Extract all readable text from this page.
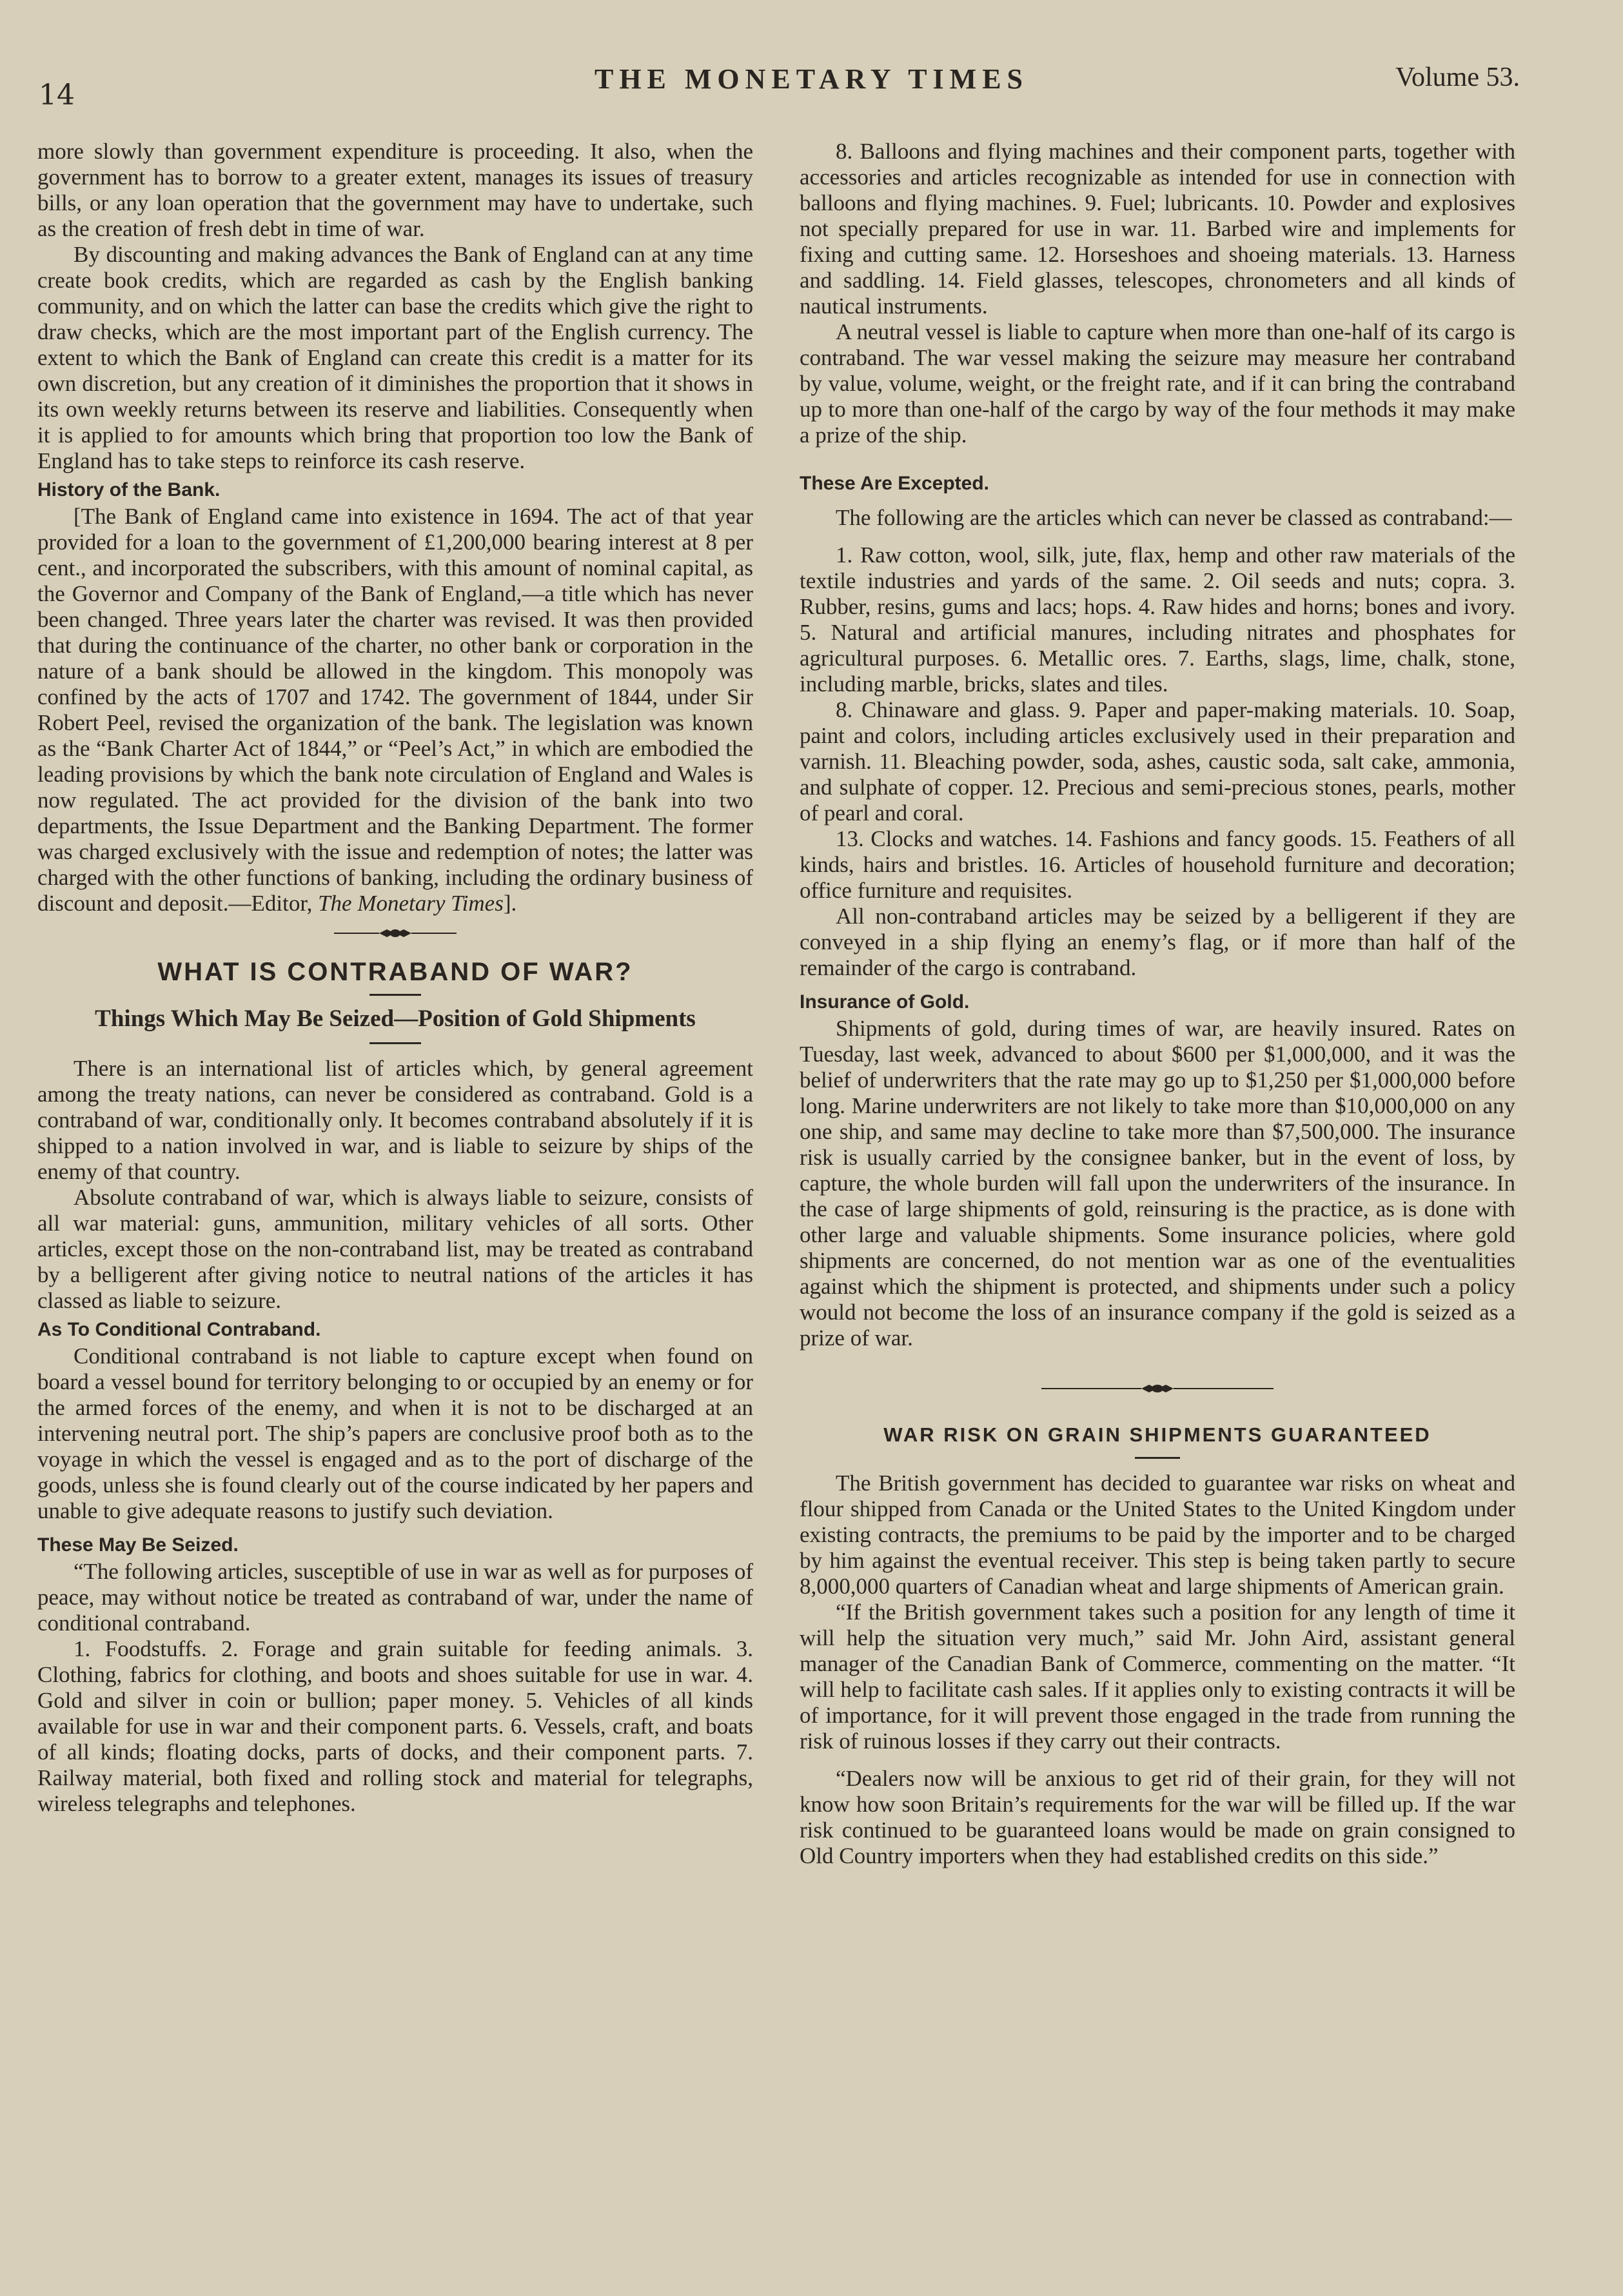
14	THE MONETARY TIMES	Volume 53.

more slowly than government expenditure is proceeding. It also, when the government has to borrow to a greater extent, manages its issues of treasury bills, or any loan operation that the government may have to undertake, such as the creation of fresh debt in time of war.

By discounting and making advances the Bank of England can at any time create book credits, which are regarded as cash by the English banking community, and on which the latter can base the credits which give the right to draw checks, which are the most important part of the English currency. The extent to which the Bank of England can create this credit is a matter for its own discretion, but any creation of it diminishes the proportion that it shows in its own weekly returns between its reserve and liabilities. Consequently when it is applied to for amounts which bring that proportion too low the Bank of England has to take steps to reinforce its cash reserve.

History of the Bank.

[The Bank of England came into existence in 1694. The act of that year provided for a loan to the government of £1,200,000 bearing interest at 8 per cent., and incorporated the subscribers, with this amount of nominal capital, as the Governor and Company of the Bank of England,—a title which has never been changed. Three years later the charter was revised. It was then provided that during the continuance of the charter, no other bank or corporation in the nature of a bank should be allowed in the kingdom. This monopoly was confined by the acts of 1707 and 1742. The government of 1844, under Sir Robert Peel, revised the organization of the bank. The legislation was known as the “Bank Charter Act of 1844,” or “Peel’s Act,” in which are embodied the leading provisions by which the bank note circulation of England and Wales is now regulated. The act provided for the division of the bank into two departments, the Issue Department and the Banking Department. The former was charged exclusively with the issue and redemption of notes; the latter was charged with the other functions of banking, including the ordinary business of discount and deposit.—Editor, The Monetary Times].

WHAT IS CONTRABAND OF WAR?
Things Which May Be Seized—Position of Gold Shipments

There is an international list of articles which, by general agreement among the treaty nations, can never be considered as contraband. Gold is a contraband of war, conditionally only. It becomes contraband absolutely if it is shipped to a nation involved in war, and is liable to seizure by ships of the enemy of that country.

Absolute contraband of war, which is always liable to seizure, consists of all war material: guns, ammunition, military vehicles of all sorts. Other articles, except those on the non-contraband list, may be treated as contraband by a belligerent after giving notice to neutral nations of the articles it has classed as liable to seizure.

As To Conditional Contraband.

Conditional contraband is not liable to capture except when found on board a vessel bound for territory belonging to or occupied by an enemy or for the armed forces of the enemy, and when it is not to be discharged at an intervening neutral port. The ship’s papers are conclusive proof both as to the voyage in which the vessel is engaged and as to the port of discharge of the goods, unless she is found clearly out of the course indicated by her papers and unable to give adequate reasons to justify such deviation.

These May Be Seized.

“The following articles, susceptible of use in war as well as for purposes of peace, may without notice be treated as contraband of war, under the name of conditional contraband.

1. Foodstuffs. 2. Forage and grain suitable for feeding animals. 3. Clothing, fabrics for clothing, and boots and shoes suitable for use in war. 4. Gold and silver in coin or bullion; paper money. 5. Vehicles of all kinds available for use in war and their component parts. 6. Vessels, craft, and boats of all kinds; floating docks, parts of docks, and their component parts. 7. Railway material, both fixed and rolling stock and material for telegraphs, wireless telegraphs and telephones.

8. Balloons and flying machines and their component parts, together with accessories and articles recognizable as intended for use in connection with balloons and flying machines. 9. Fuel; lubricants. 10. Powder and explosives not specially prepared for use in war. 11. Barbed wire and implements for fixing and cutting same. 12. Horseshoes and shoeing materials. 13. Harness and saddling. 14. Field glasses, telescopes, chronometers and all kinds of nautical instruments.

A neutral vessel is liable to capture when more than one-half of its cargo is contraband. The war vessel making the seizure may measure her contraband by value, volume, weight, or the freight rate, and if it can bring the contraband up to more than one-half of the cargo by way of the four methods it may make a prize of the ship.

These Are Excepted.

The following are the articles which can never be classed as contraband:—

1. Raw cotton, wool, silk, jute, flax, hemp and other raw materials of the textile industries and yards of the same. 2. Oil seeds and nuts; copra. 3. Rubber, resins, gums and lacs; hops. 4. Raw hides and horns; bones and ivory. 5. Natural and artificial manures, including nitrates and phosphates for agricultural purposes. 6. Metallic ores. 7. Earths, slags, lime, chalk, stone, including marble, bricks, slates and tiles.

8. Chinaware and glass. 9. Paper and paper-making materials. 10. Soap, paint and colors, including articles exclusively used in their preparation and varnish. 11. Bleaching powder, soda, ashes, caustic soda, salt cake, ammonia, and sulphate of copper. 12. Precious and semi-precious stones, pearls, mother of pearl and coral.

13. Clocks and watches. 14. Fashions and fancy goods. 15. Feathers of all kinds, hairs and bristles. 16. Articles of household furniture and decoration; office furniture and requisites.

All non-contraband articles may be seized by a belligerent if they are conveyed in a ship flying an enemy’s flag, or if more than half of the remainder of the cargo is contraband.

Insurance of Gold.

Shipments of gold, during times of war, are heavily insured. Rates on Tuesday, last week, advanced to about $600 per $1,000,000, and it was the belief of underwriters that the rate may go up to $1,250 per $1,000,000 before long. Marine underwriters are not likely to take more than $10,000,000 on any one ship, and same may decline to take more than $7,500,000. The insurance risk is usually carried by the consignee banker, but in the event of loss, by capture, the whole burden will fall upon the underwriters of the insurance. In the case of large shipments of gold, reinsuring is the practice, as is done with other large and valuable shipments. Some insurance policies, where gold shipments are concerned, do not mention war as one of the eventualities against which the shipment is protected, and shipments under such a policy would not become the loss of an insurance company if the gold is seized as a prize of war.

WAR RISK ON GRAIN SHIPMENTS GUARANTEED

The British government has decided to guarantee war risks on wheat and flour shipped from Canada or the United States to the United Kingdom under existing contracts, the premiums to be paid by the importer and to be charged by him against the eventual receiver. This step is being taken partly to secure 8,000,000 quarters of Canadian wheat and large shipments of American grain.

“If the British government takes such a position for any length of time it will help the situation very much,” said Mr. John Aird, assistant general manager of the Canadian Bank of Commerce, commenting on the matter. “It will help to facilitate cash sales. If it applies only to existing contracts it will be of importance, for it will prevent those engaged in the trade from running the risk of ruinous losses if they carry out their contracts.

“Dealers now will be anxious to get rid of their grain, for they will not know how soon Britain’s requirements for the war will be filled up. If the war risk continued to be guaranteed loans would be made on grain consigned to Old Country importers when they had established credits on this side.”
